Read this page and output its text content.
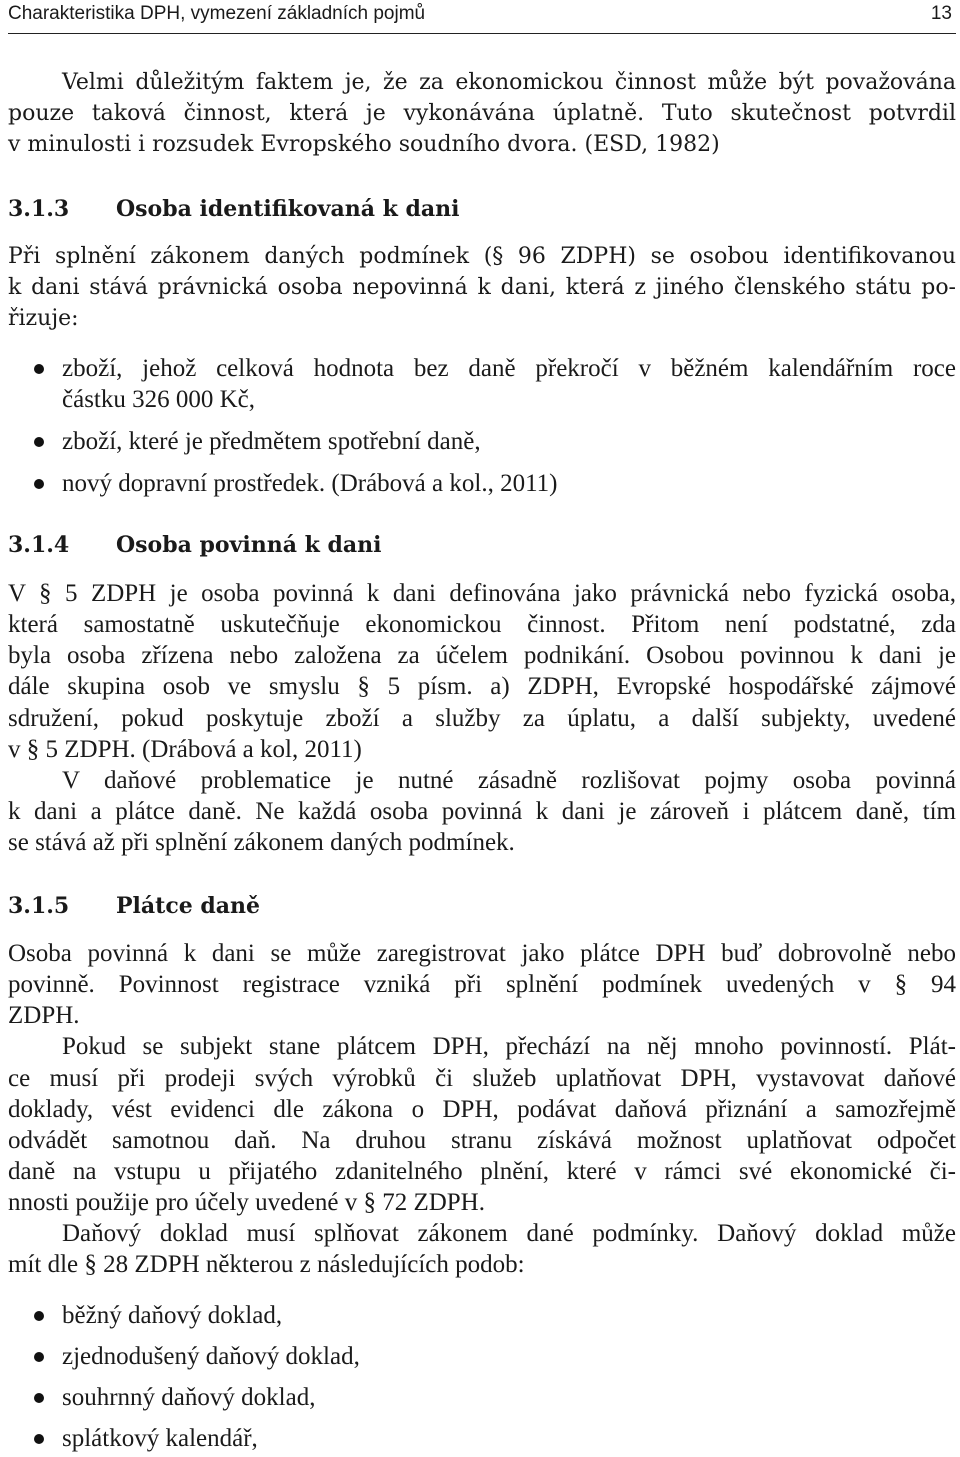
Charakteristika DPH, vymezení základních pojmů	13
Velmi důležitým faktem je, že za ekonomickou činnost může být považována
pouze taková činnost, která je vykonávána úplatně. Tuto skutečnost potvrdil
v minulosti i rozsudek Evropského soudního dvora. (ESD, 1982)
3.1.3 Osoba identifikovaná k dani
Při splnění zákonem daných podmínek (§ 96 ZDPH) se osobou identifikovanou
k dani stává právnická osoba nepovinná k dani, která z jiného členského státu po-
řizuje:
zboží, jehož celková hodnota bez daně překročí v běžném kalendářním roce
částku 326 000 Kč,
zboží, které je předmětem spotřební daně,
nový dopravní prostředek. (Drábová a kol., 2011)
3.1.4 Osoba povinná k dani
V § 5 ZDPH je osoba povinná k dani definována jako právnická nebo fyzická osoba,
která samostatně uskutečňuje ekonomickou činnost. Přitom není podstatné, zda
byla osoba zřízena nebo založena za účelem podnikání. Osobou povinnou k dani je
dále skupina osob ve smyslu § 5 písm. a) ZDPH, Evropské hospodářské zájmové
sdružení, pokud poskytuje zboží a služby za úplatu, a další subjekty, uvedené
v § 5 ZDPH. (Drábová a kol, 2011)
V daňové problematice je nutné zásadně rozlišovat pojmy osoba povinná
k dani a plátce daně. Ne každá osoba povinná k dani je zároveň i plátcem daně, tím
se stává až při splnění zákonem daných podmínek.
3.1.5 Plátce daně
Osoba povinná k dani se může zaregistrovat jako plátce DPH buď dobrovolně nebo
povinně. Povinnost registrace vzniká při splnění podmínek uvedených v § 94
ZDPH.
Pokud se subjekt stane plátcem DPH, přechází na něj mnoho povinností. Plát-
ce musí při prodeji svých výrobků či služeb uplatňovat DPH, vystavovat daňové
doklady, vést evidenci dle zákona o DPH, podávat daňová přiznání a samozřejmě
odvádět samotnou daň. Na druhou stranu získává možnost uplatňovat odpočet
daně na vstupu u přijatého zdanitelného plnění, které v rámci své ekonomické či-
nnosti použije pro účely uvedené v § 72 ZDPH.
Daňový doklad musí splňovat zákonem dané podmínky. Daňový doklad může
mít dle § 28 ZDPH některou z následujících podob:
běžný daňový doklad,
zjednodušený daňový doklad,
souhrnný daňový doklad,
splátkový kalendář,
